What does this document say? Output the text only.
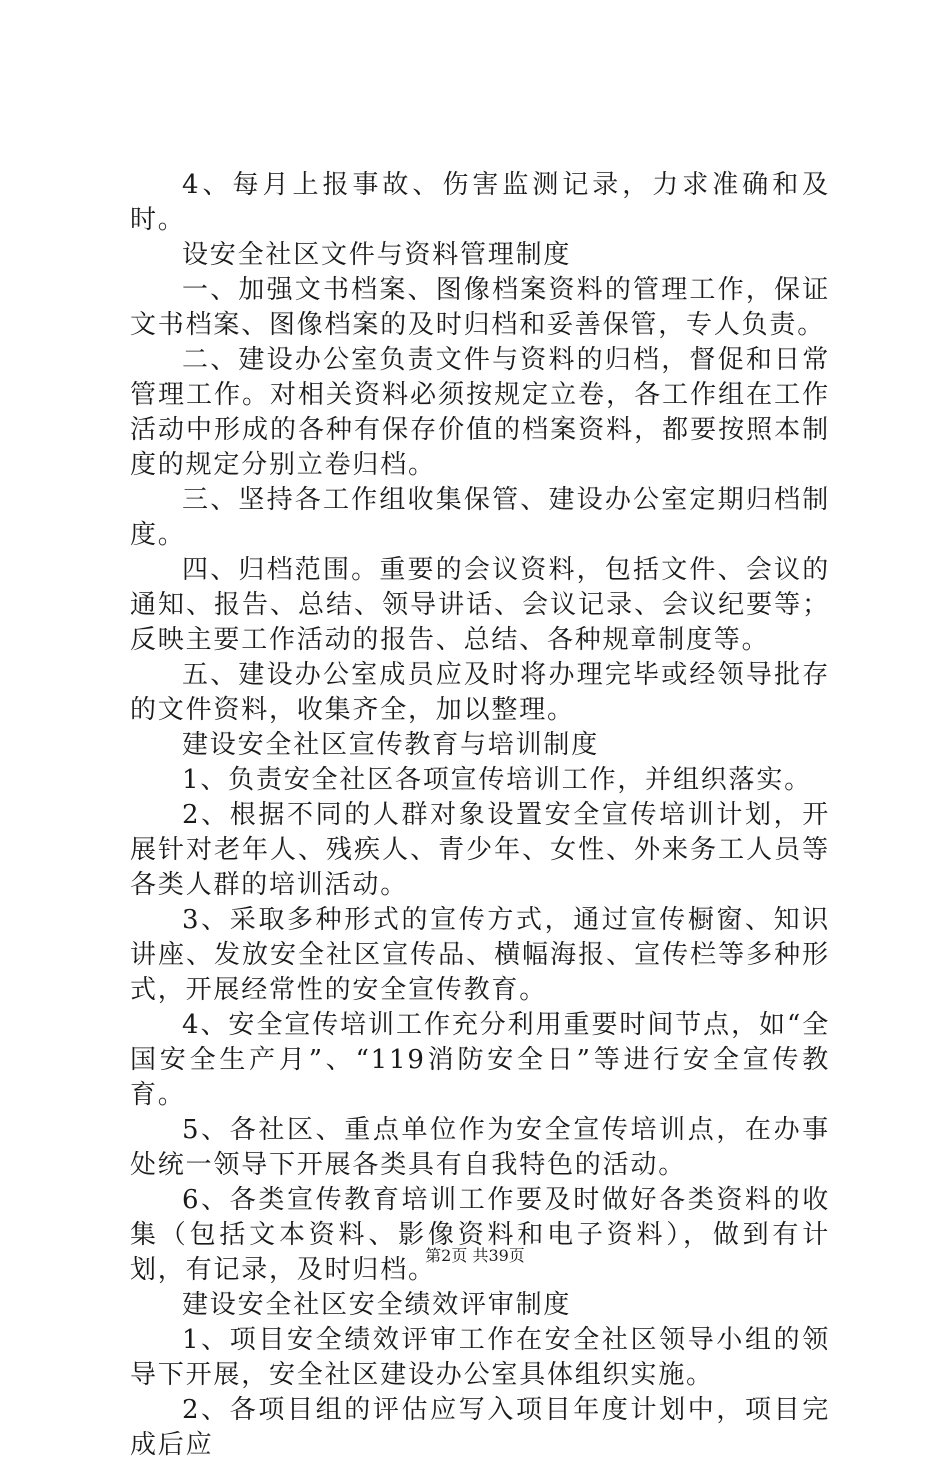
4、每月上报事故、伤害监测记录，力求准确和及时。

设安全社区文件与资料管理制度

一、加强文书档案、图像档案资料的管理工作，保证文书档案、图像档案的及时归档和妥善保管，专人负责。

二、建设办公室负责文件与资料的归档，督促和日常管理工作。对相关资料必须按规定立卷，各工作组在工作活动中形成的各种有保存价值的档案资料，都要按照本制度的规定分别立卷归档。

三、坚持各工作组收集保管、建设办公室定期归档制度。

四、归档范围。重要的会议资料，包括文件、会议的通知、报告、总结、领导讲话、会议记录、会议纪要等；反映主要工作活动的报告、总结、各种规章制度等。

五、建设办公室成员应及时将办理完毕或经领导批存的文件资料，收集齐全，加以整理。

建设安全社区宣传教育与培训制度

1、负责安全社区各项宣传培训工作，并组织落实。

2、根据不同的人群对象设置安全宣传培训计划，开展针对老年人、残疾人、青少年、女性、外来务工人员等各类人群的培训活动。

3、采取多种形式的宣传方式，通过宣传橱窗、知识讲座、发放安全社区宣传品、横幅海报、宣传栏等多种形式，开展经常性的安全宣传教育。

4、安全宣传培训工作充分利用重要时间节点，如“全国安全生产月”、“119消防安全日”等进行安全宣传教育。

5、各社区、重点单位作为安全宣传培训点，在办事处统一领导下开展各类具有自我特色的活动。

6、各类宣传教育培训工作要及时做好各类资料的收集（包括文本资料、影像资料和电子资料），做到有计划，有记录，及时归档。

建设安全社区安全绩效评审制度

1、项目安全绩效评审工作在安全社区领导小组的领导下开展，安全社区建设办公室具体组织实施。

2、各项目组的评估应写入项目年度计划中，项目完成后应

第2页 共39页
